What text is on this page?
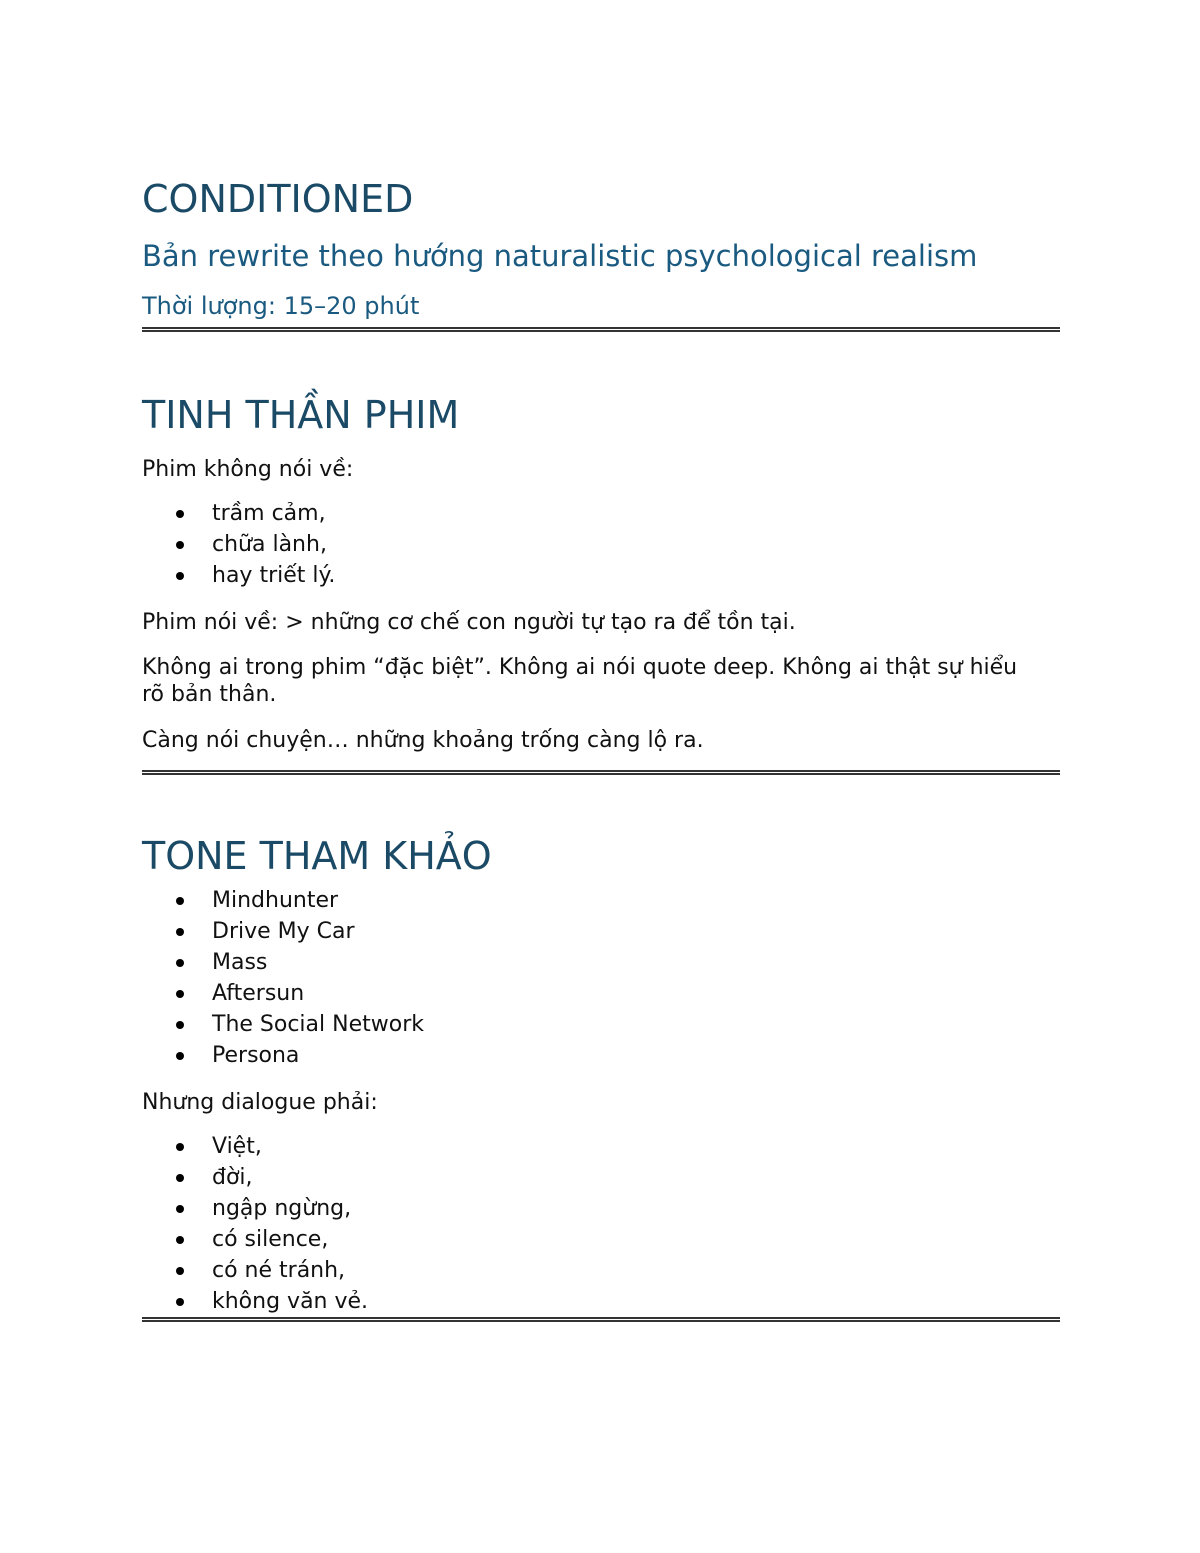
CONDITIONED
Bản rewrite theo hướng naturalistic psychological realism
Thời lượng: 15–20 phút
TINH THẦN PHIM
Phim không nói về:
trầm cảm,
chữa lành,
hay triết lý.
Phim nói về: > những cơ chế con người tự tạo ra để tồn tại.
Không ai trong phim “đặc biệt”. Không ai nói quote deep. Không ai thật sự hiểu rõ bản thân.
Càng nói chuyện… những khoảng trống càng lộ ra.
TONE THAM KHẢO
Mindhunter
Drive My Car
Mass
Aftersun
The Social Network
Persona
Nhưng dialogue phải:
Việt,
đời,
ngập ngừng,
có silence,
có né tránh,
không văn vẻ.
